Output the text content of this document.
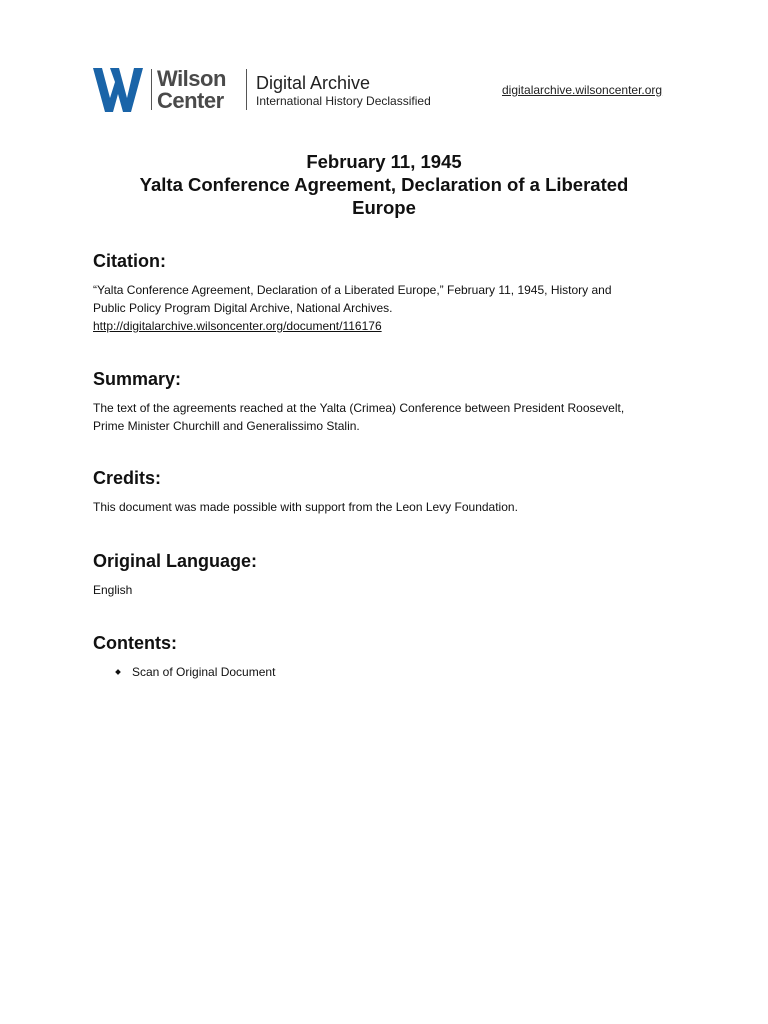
Wilson
Center
Digital Archive
International History Declassified
digitalarchive.wilsoncenter.org
February 11, 1945
Yalta Conference Agreement, Declaration of a Liberated
Europe
Citation:

“Yalta Conference Agreement, Declaration of a Liberated Europe,” February 11, 1945, History and

Public Policy Program Digital Archive, National Archives.

http://digitalarchive.wilsoncenter.org/document/116176
Summary:

The text of the agreements reached at the Yalta (Crimea) Conference between President Roosevelt,

Prime Minister Churchill and Generalissimo Stalin.

Credits:

This document was made possible with support from the Leon Levy Foundation.

Original Language:

English

Contents:
Scan of Original Document
